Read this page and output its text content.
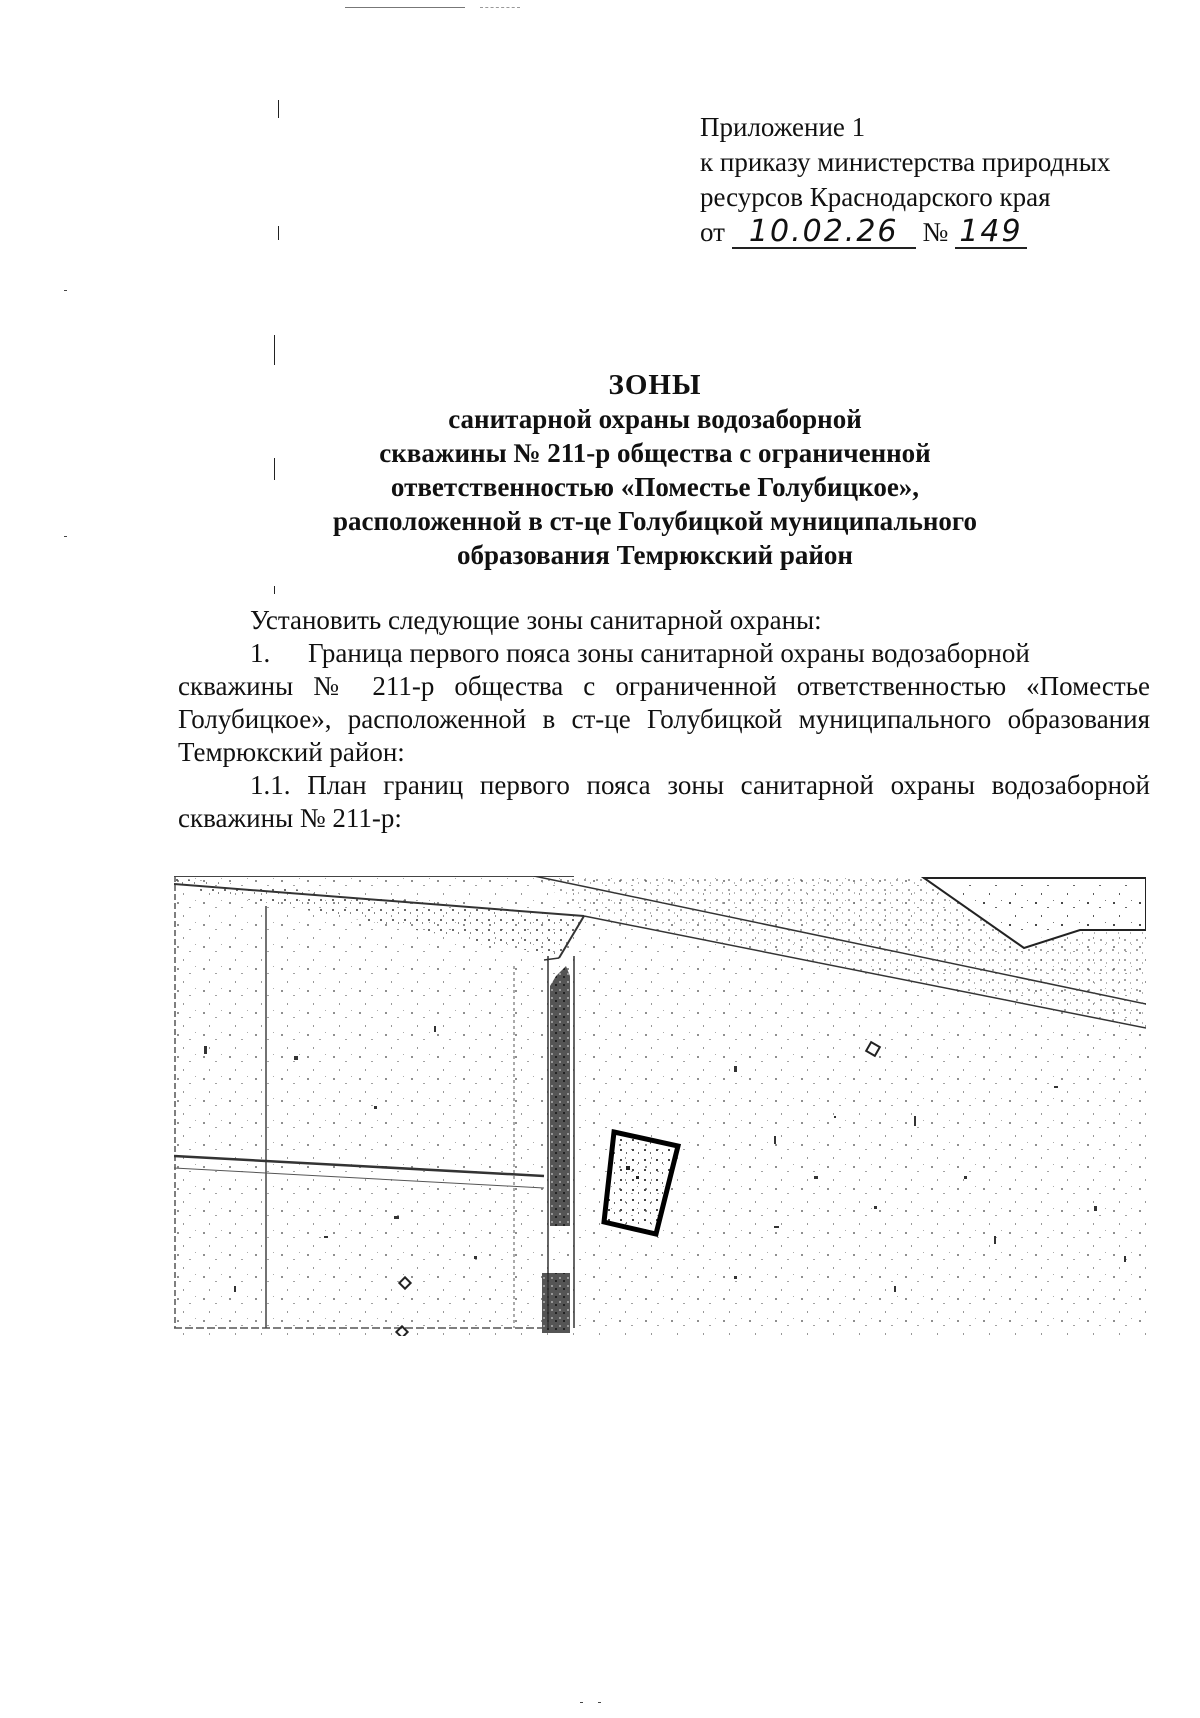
Приложение 1
к приказу министерства природных
ресурсов Краснодарского края
от 10.02.26 № 149
ЗОНЫ
санитарной охраны водозаборной
скважины № 211-р общества с ограниченной
ответственностью «Поместье Голубицкое»,
расположенной в ст-це Голубицкой муниципального
образования Темрюкский район

Установить следующие зоны санитарной охраны:

1. Граница первого пояса зоны санитарной охраны водозаборной

скважины № 211-р общества с ограниченной ответственностью «Поместье Голубицкое», расположенной в ст-це Голубицкой муниципального образования Темрюкский район:

1.1. План границ первого пояса зоны санитарной охраны водозаборной скважины № 211-р:
